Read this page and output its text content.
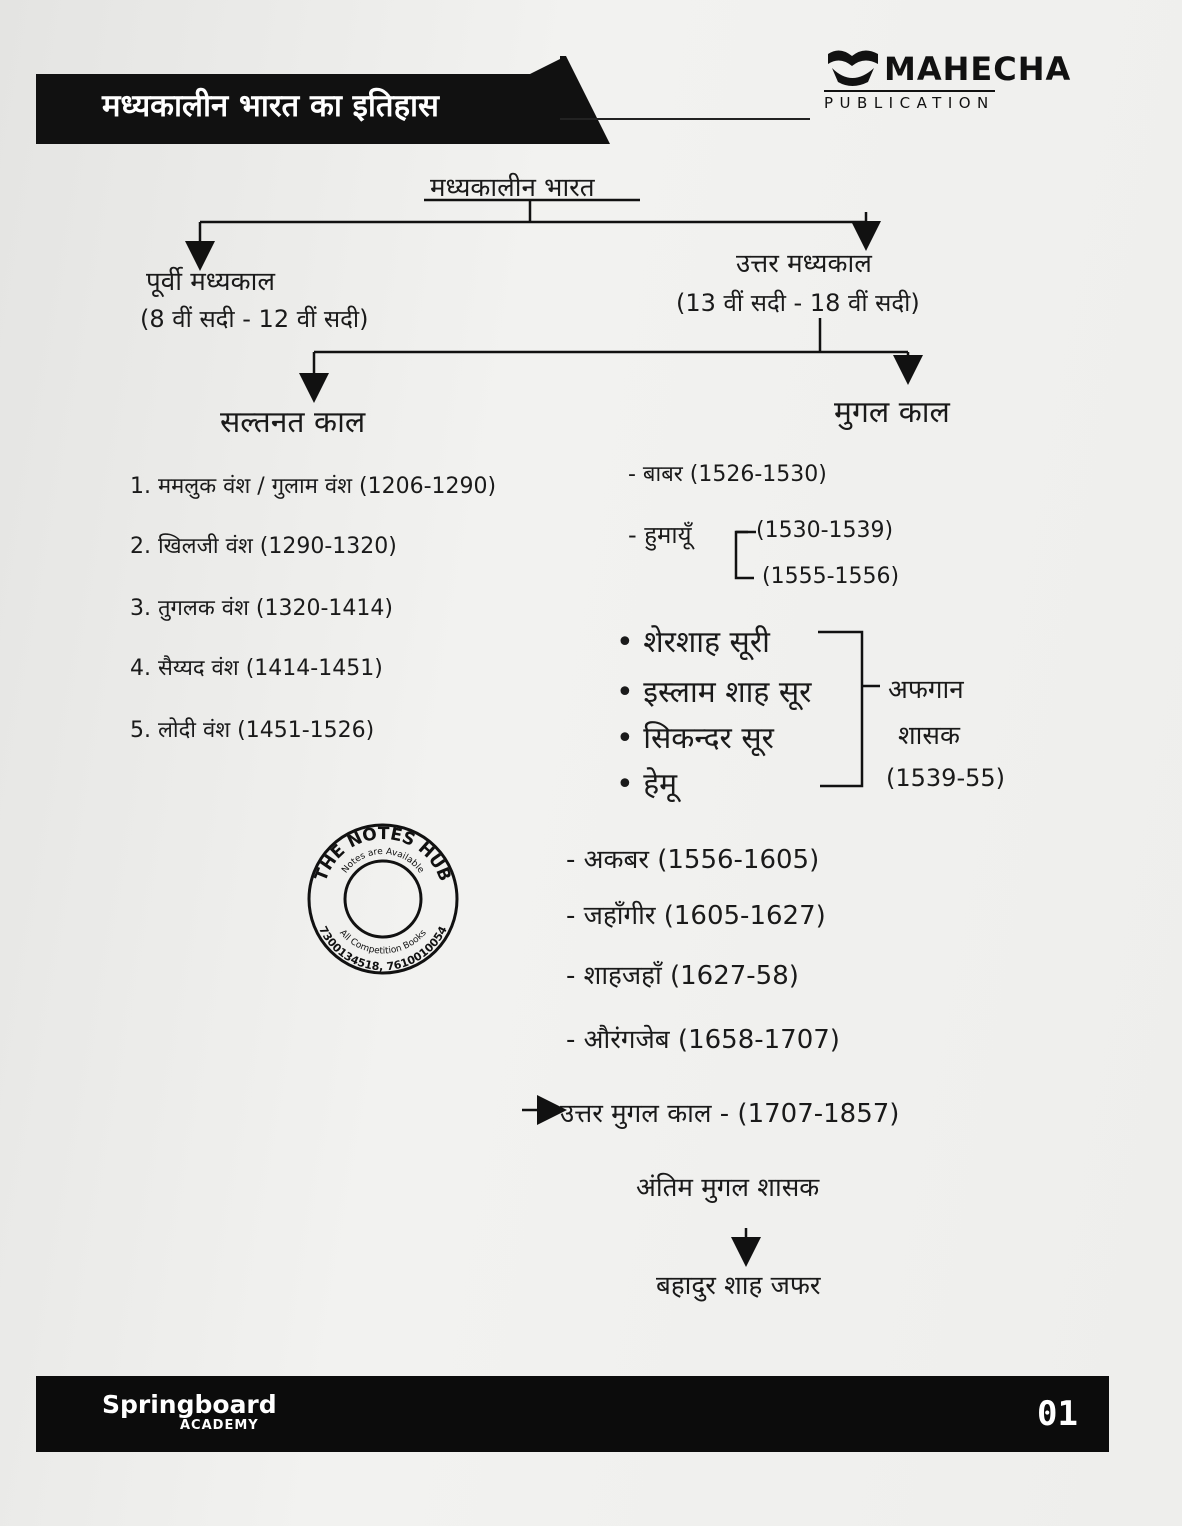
मध्यकालीन भारत का इतिहास
MAHECHA
PUBLICATION
मध्यकालीन भारत
पूर्वी मध्यकाल
(8 वीं सदी - 12 वीं सदी)
उत्तर मध्यकाल
(13 वीं सदी - 18 वीं सदी)
सल्तनत काल
1. ममलुक वंश / गुलाम वंश (1206-1290)
2. खिलजी वंश (1290-1320)
3. तुगलक वंश (1320-1414)
4. सैय्यद वंश (1414-1451)
5. लोदी वंश (1451-1526)
मुगल काल
- बाबर (1526-1530)
- हुमायूँ	(1530-1539)
(1555-1556)
• शेरशाह सूरी
• इस्लाम शाह सूर
• सिकन्दर सूर
• हेमू
अफगान
शासक
(1539-55)
- अकबर (1556-1605)
- जहाँगीर (1605-1627)
- शाहजहाँ (1627-58)
- औरंगजेब (1658-1707)
उत्तर मुगल काल - (1707-1857)
अंतिम मुगल शासक
बहादुर शाह जफर
THE NOTES HUB
Notes are Available
All Competition Books
7300134518, 7610010054
Springboard
ACADEMY	01
